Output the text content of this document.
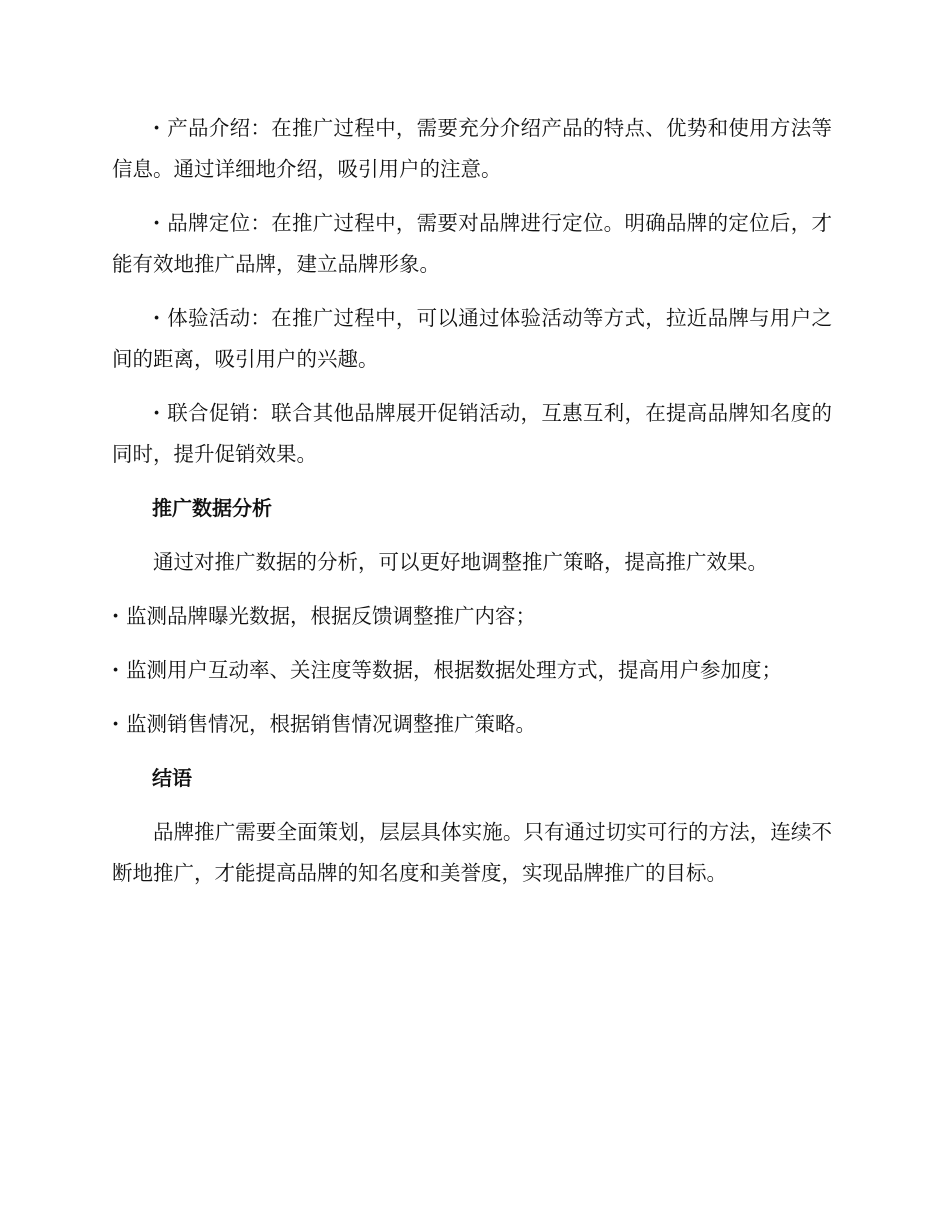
·产品介绍：在推广过程中，需要充分介绍产品的特点、优势和使用方法等信息。通过详细地介绍，吸引用户的注意。

·品牌定位：在推广过程中，需要对品牌进行定位。明确品牌的定位后，才能有效地推广品牌，建立品牌形象。

·体验活动：在推广过程中，可以通过体验活动等方式，拉近品牌与用户之间的距离，吸引用户的兴趣。

·联合促销：联合其他品牌展开促销活动，互惠互利，在提高品牌知名度的同时，提升促销效果。

推广数据分析

通过对推广数据的分析，可以更好地调整推广策略，提高推广效果。

·监测品牌曝光数据，根据反馈调整推广内容；

·监测用户互动率、关注度等数据，根据数据处理方式，提高用户参加度；

·监测销售情况，根据销售情况调整推广策略。

结语

品牌推广需要全面策划，层层具体实施。只有通过切实可行的方法，连续不断地推广，才能提高品牌的知名度和美誉度，实现品牌推广的目标。
